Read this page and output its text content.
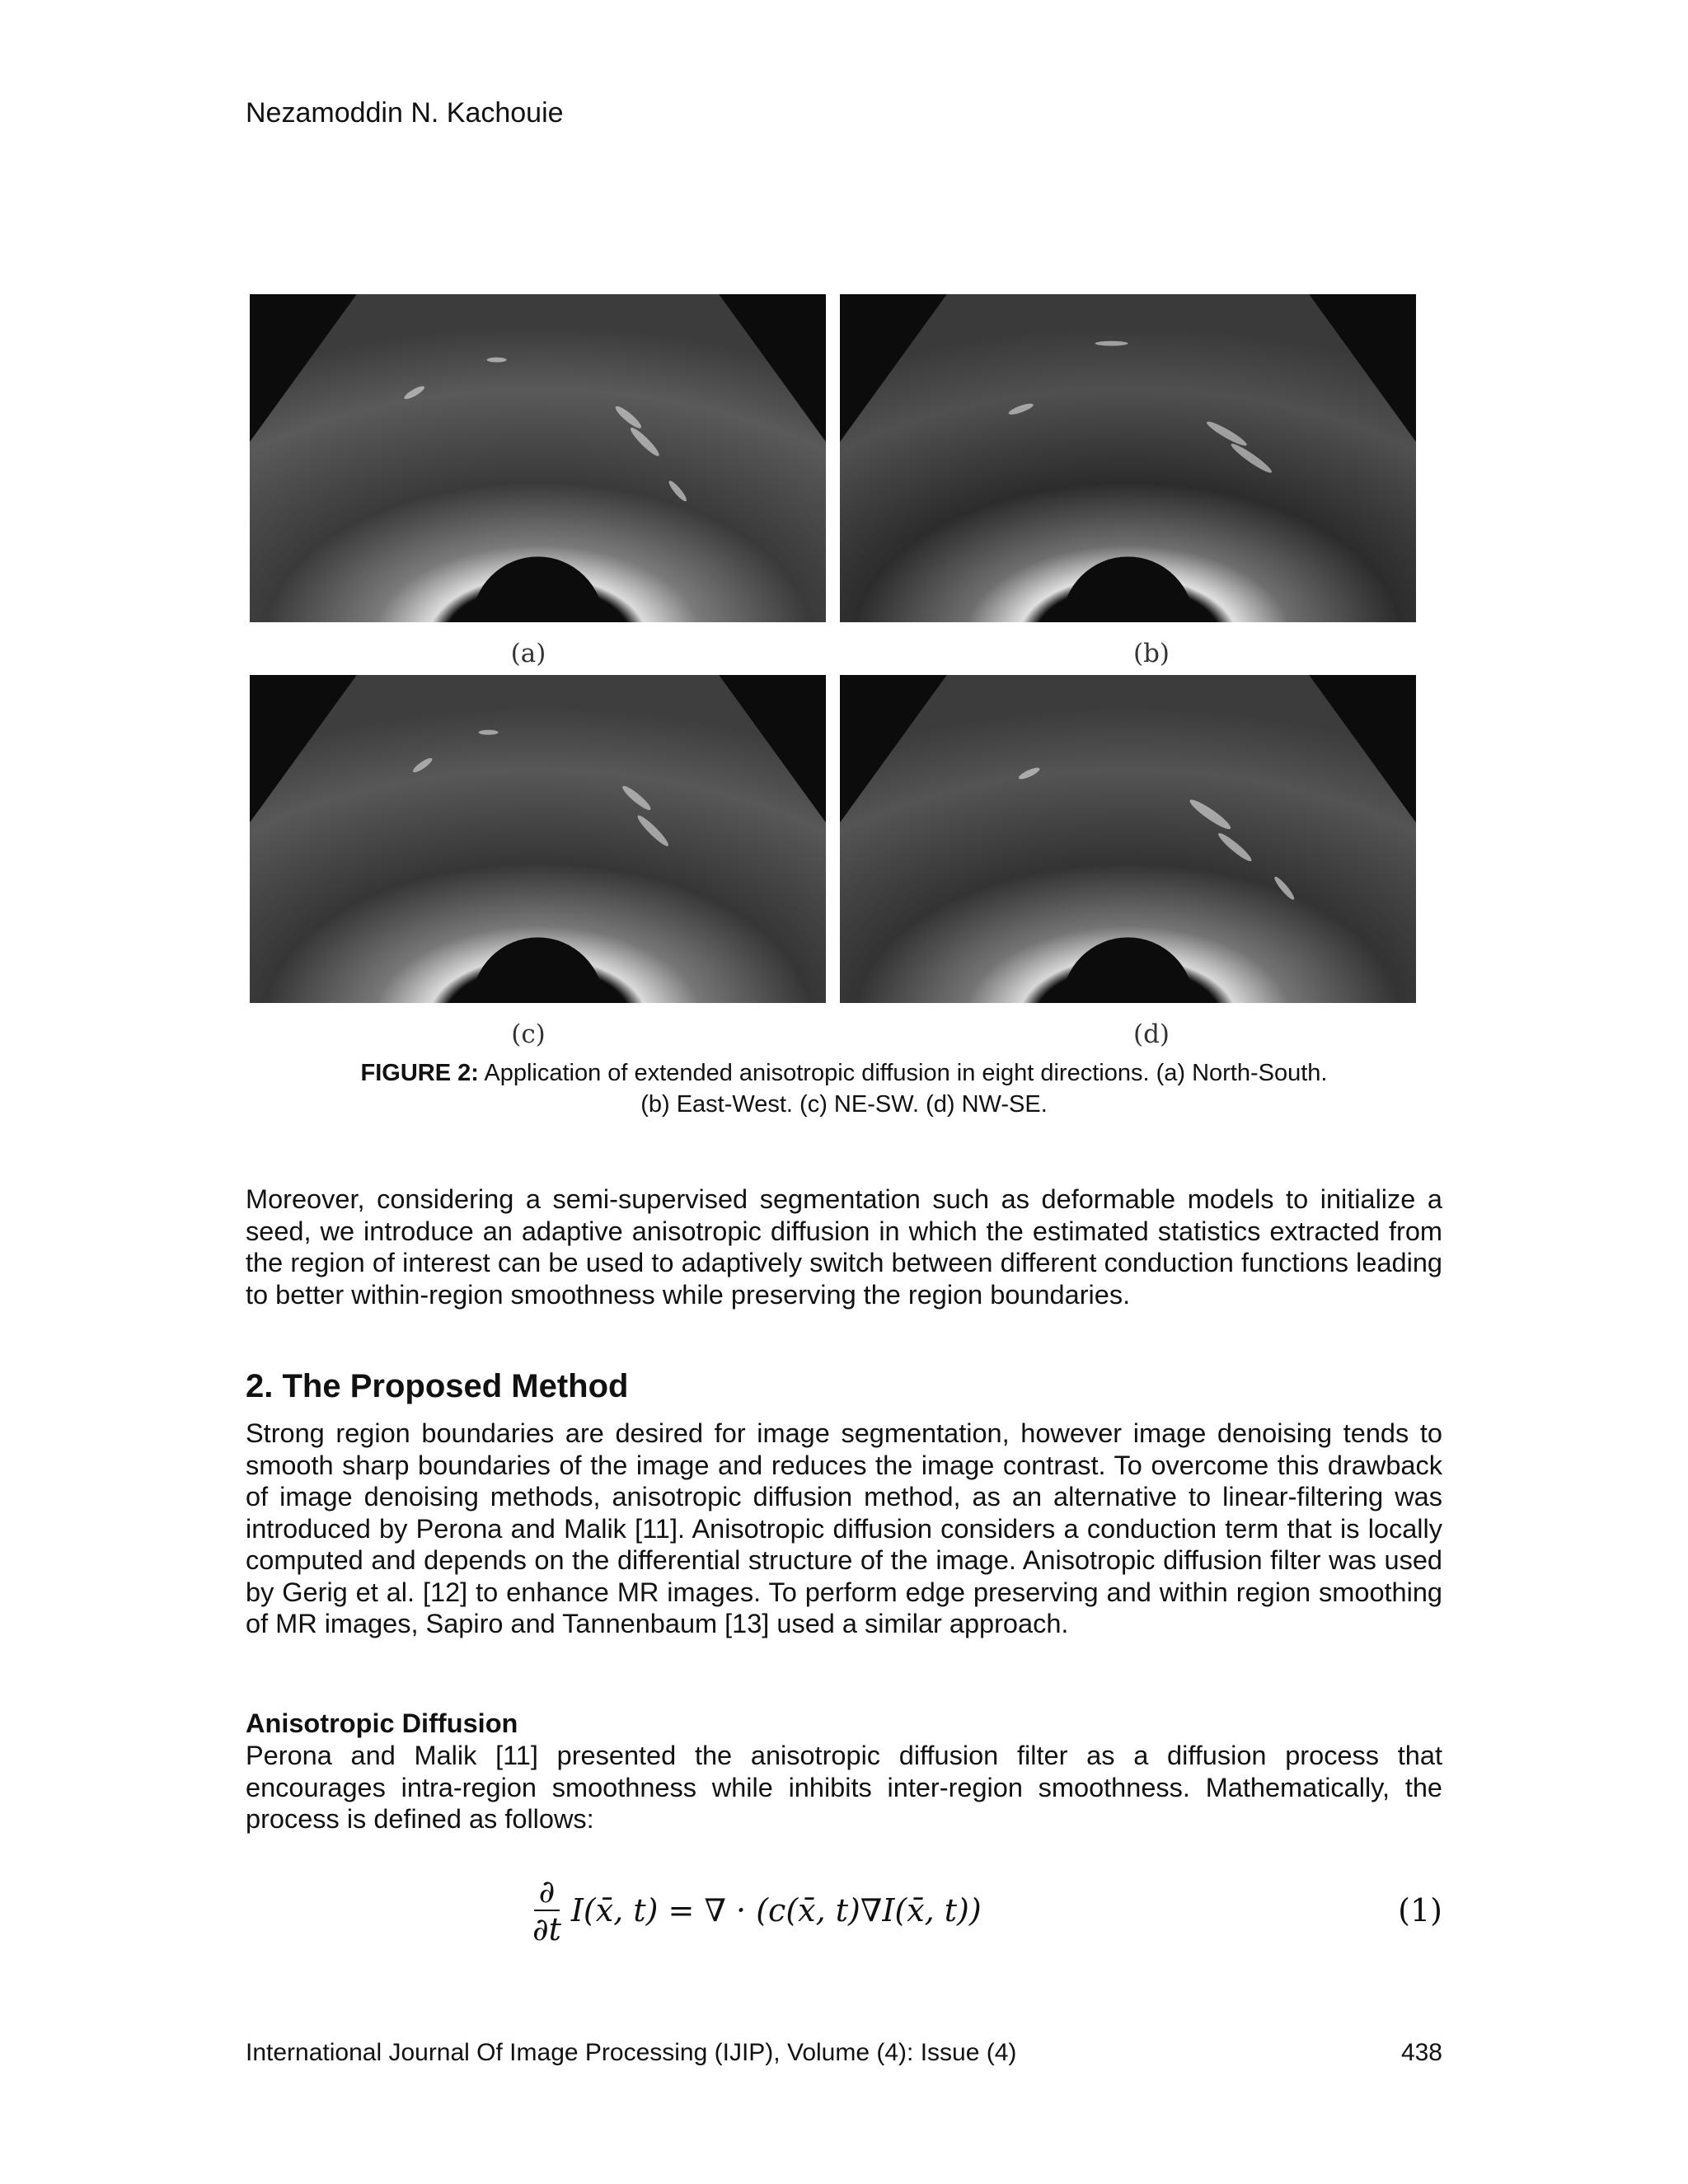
Nezamoddin N. Kachouie
(a)	(b)
(c)	(d)
FIGURE 2: Application of extended anisotropic diffusion in eight directions. (a) North-South.
(b) East-West. (c) NE-SW. (d) NW-SE.
Moreover, considering a semi-supervised segmentation such as deformable models to initialize a seed, we introduce an adaptive anisotropic diffusion in which the estimated statistics extracted from the region of interest can be used to adaptively switch between different conduction functions leading to better within-region smoothness while preserving the region boundaries.
2. The Proposed Method
Strong region boundaries are desired for image segmentation, however image denoising tends to smooth sharp boundaries of the image and reduces the image contrast. To overcome this drawback of image denoising methods, anisotropic diffusion method, as an alternative to linear-filtering was introduced by Perona and Malik [11]. Anisotropic diffusion considers a conduction term that is locally computed and depends on the differential structure of the image. Anisotropic diffusion filter was used by Gerig et al. [12] to enhance MR images. To perform edge preserving and within region smoothing of MR images, Sapiro and Tannenbaum [13] used a similar approach.
Anisotropic Diffusion
Perona and Malik [11] presented the anisotropic diffusion filter as a diffusion process that encourages intra-region smoothness while inhibits inter-region smoothness. Mathematically, the process is defined as follows:
$\frac{\partial}{\partial t}$ I(x̄, t) = ∇ · (c(x̄, t)∇I(x̄, t))	(1)
International Journal Of Image Processing (IJIP), Volume (4): Issue (4)	438
